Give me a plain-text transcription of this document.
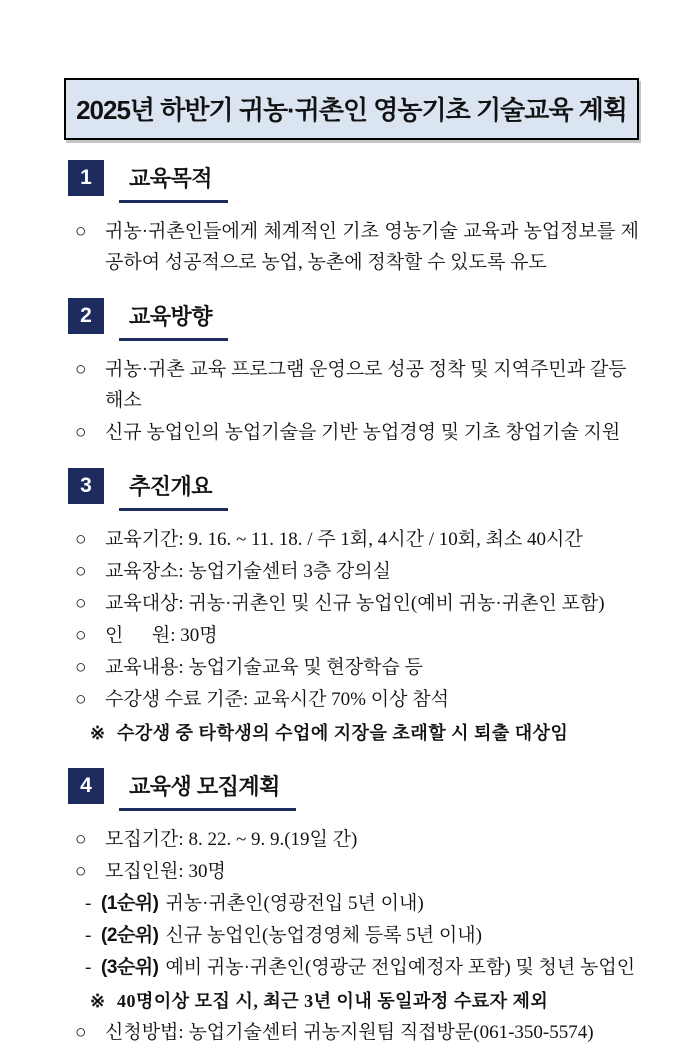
2025년 하반기 귀농·귀촌인 영농기초 기술교육 계획
1	교육목적
○ 귀농·귀촌인들에게 체계적인 기초 영농기술 교육과 농업정보를 제공하여 성공적으로 농업, 농촌에 정착할 수 있도록 유도

2	교육방향
○ 귀농·귀촌 교육 프로그램 운영으로 성공 정착 및 지역주민과 갈등 해소

○ 신규 농업인의 농업기술을 기반 농업경영 및 기초 창업기술 지원

3	추진개요
○ 교육기간: 9. 16. ~ 11. 18. / 주 1회, 4시간 / 10회, 최소 40시간

○ 교육장소: 농업기술센터 3층 강의실

○ 교육대상: 귀농·귀촌인 및 신규 농업인(예비 귀농·귀촌인 포함)

○ 인      원: 30명

○ 교육내용: 농업기술교육 및 현장학습 등

○ 수강생 수료 기준: 교육시간 70% 이상 참석

※ 수강생 중 타학생의 수업에 지장을 초래할 시 퇴출 대상임

4	교육생 모집계획
○ 모집기간: 8. 22. ~ 9. 9.(19일 간)

○ 모집인원: 30명

- (1순위) 귀농·귀촌인(영광전입 5년 이내)

- (2순위) 신규 농업인(농업경영체 등록 5년 이내)

- (3순위) 예비 귀농·귀촌인(영광군 전입예정자 포함) 및 청년 농업인

※ 40명이상 모집 시, 최근 3년 이내 동일과정 수료자 제외

○ 신청방법: 농업기술센터 귀농지원팀 직접방문(061-350-5574)
